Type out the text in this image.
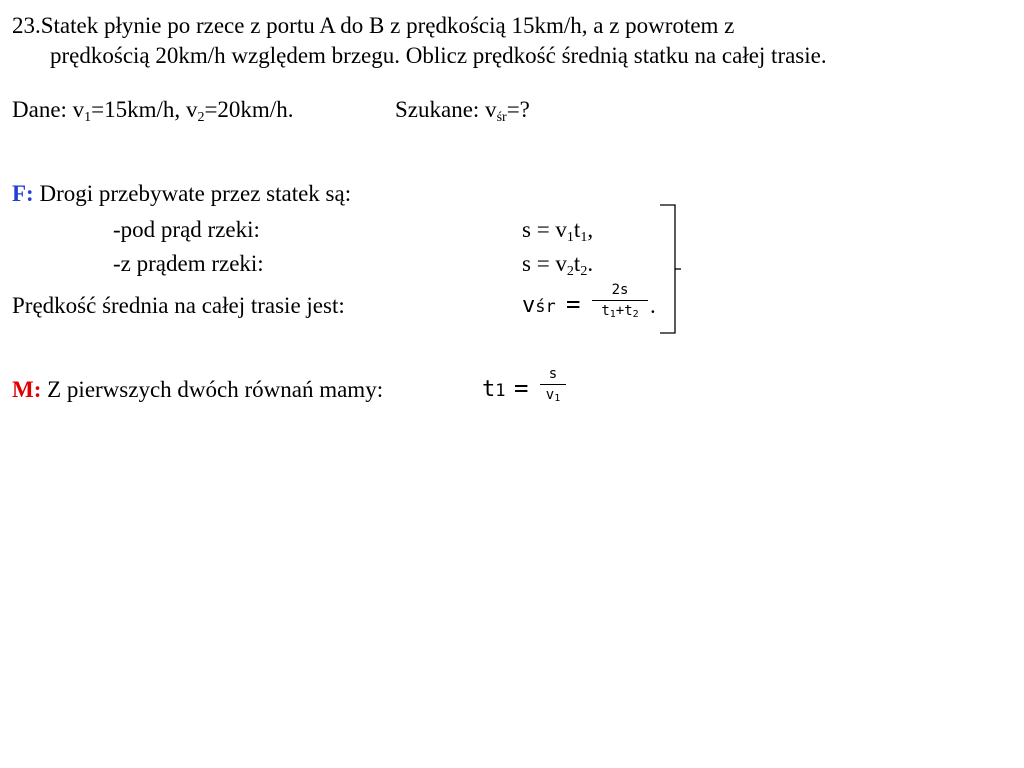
23.Statek płynie po rzece z portu A do B z prędkością 15km/h, a z powrotem z
prędkością 20km/h względem brzegu. Oblicz prędkość średnią statku na całej trasie.
Dane: $v_1=15km/h$, $v_2=20km/h$.	Szukane: $v_{śr}=$?
F: Drogi przebywate przez statek są:
-pod prąd rzeki:	$s = v_1t_1$,
-z prądem rzeki:	$s = v_2t_2$.
Prędkość średnia na całej trasie jest:	vśr =	2s
$t_1+t_2$ .
M: Z pierwszych dwóch równań mamy:	t1 =	s
$v_1$
